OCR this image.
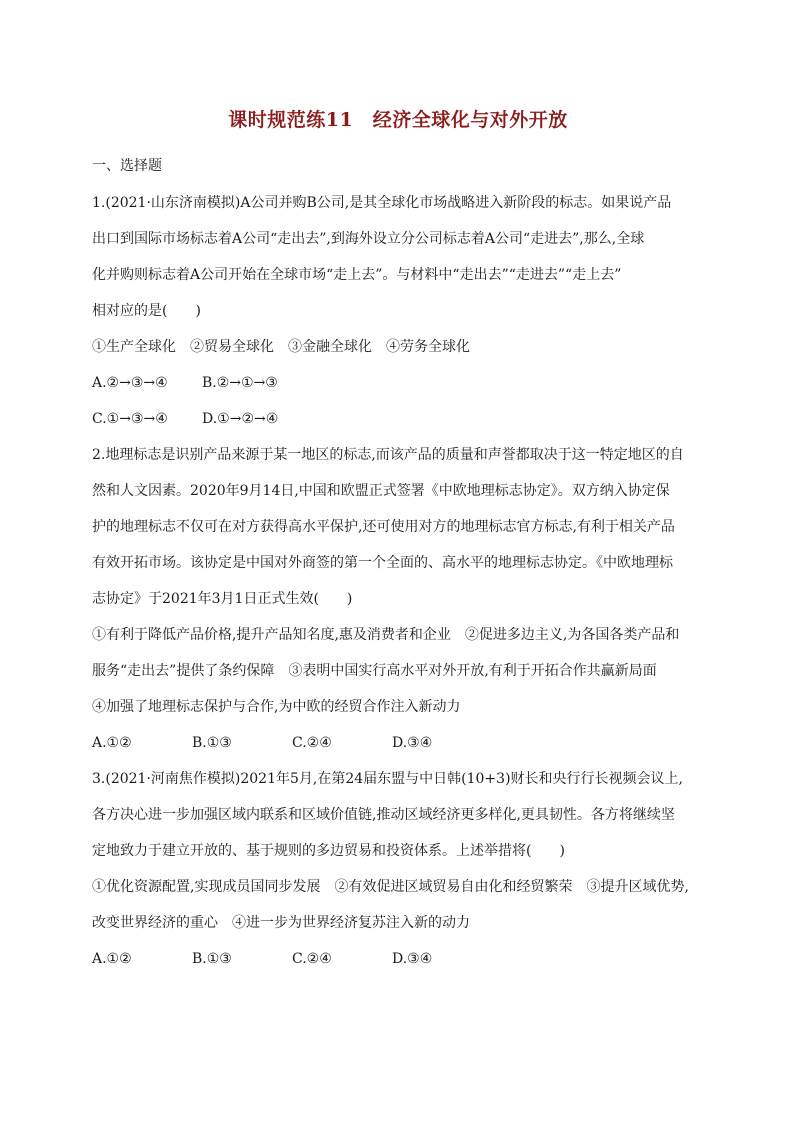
课时规范练11　经济全球化与对外开放
一、选择题
1.(2021·山东济南模拟)A公司并购B公司,是其全球化市场战略进入新阶段的标志。如果说产品
出口到国际市场标志着A公司“走出去”,到海外设立分公司标志着A公司“走进去”,那么,全球
化并购则标志着A公司开始在全球市场“走上去”。与材料中“走出去”“走进去”“走上去”
相对应的是(　　)
①生产全球化　②贸易全球化　③金融全球化　④劳务全球化
A.②→③→④	B.②→①→③
C.①→③→④	D.①→②→④
2.地理标志是识别产品来源于某一地区的标志,而该产品的质量和声誉都取决于这一特定地区的自
然和人文因素。2020年9月14日,中国和欧盟正式签署《中欧地理标志协定》。双方纳入协定保
护的地理标志不仅可在对方获得高水平保护,还可使用对方的地理标志官方标志,有利于相关产品
有效开拓市场。该协定是中国对外商签的第一个全面的、高水平的地理标志协定。《中欧地理标
志协定》于2021年3月1日正式生效(　　)
①有利于降低产品价格,提升产品知名度,惠及消费者和企业　②促进多边主义,为各国各类产品和
服务“走出去”提供了条约保障　③表明中国实行高水平对外开放,有利于开拓合作共赢新局面
④加强了地理标志保护与合作,为中欧的经贸合作注入新动力
A.①②	B.①③	C.②④	D.③④
3.(2021·河南焦作模拟)2021年5月,在第24届东盟与中日韩(10+3)财长和央行行长视频会议上,
各方决心进一步加强区域内联系和区域价值链,推动区域经济更多样化,更具韧性。各方将继续坚
定地致力于建立开放的、基于规则的多边贸易和投资体系。上述举措将(　　)
①优化资源配置,实现成员国同步发展　②有效促进区域贸易自由化和经贸繁荣　③提升区域优势,
改变世界经济的重心　④进一步为世界经济复苏注入新的动力
A.①②	B.①③	C.②④	D.③④
